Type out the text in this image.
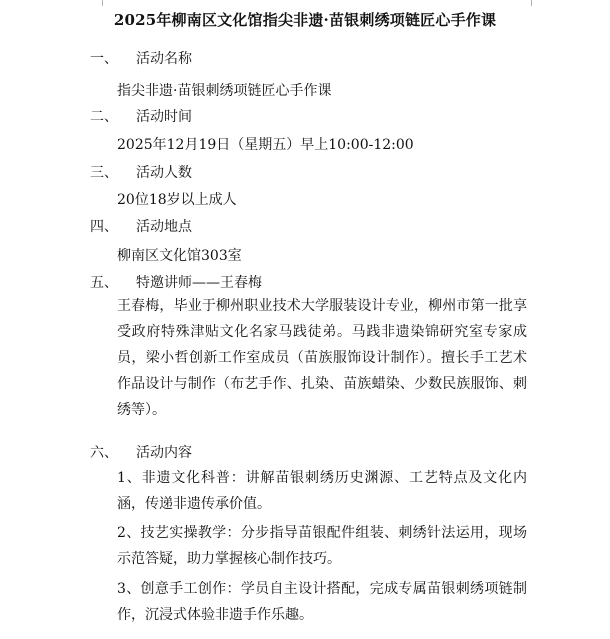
2025年柳南区文化馆指尖非遗·苗银刺绣项链匠心手作课
一、 活动名称
指尖非遗·苗银刺绣项链匠心手作课
二、 活动时间
2025年12月19日（星期五）早上10:00-12:00
三、 活动人数
20位18岁以上成人
四、 活动地点
柳南区文化馆303室
五、 特邀讲师——王春梅
王春梅，毕业于柳州职业技术大学服装设计专业，柳州市第一批享受政府特殊津贴文化名家马践徒弟。马践非遗染锦研究室专家成员，梁小哲创新工作室成员（苗族服饰设计制作）。擅长手工艺术作品设计与制作（布艺手作、扎染、苗族蜡染、少数民族服饰、刺绣等）。
六、 活动内容
1、非遗文化科普：讲解苗银刺绣历史渊源、工艺特点及文化内涵，传递非遗传承价值。
2、技艺实操教学：分步指导苗银配件组装、刺绣针法运用，现场示范答疑，助力掌握核心制作技巧。
3、创意手工创作：学员自主设计搭配，完成专属苗银刺绣项链制作，沉浸式体验非遗手作乐趣。
